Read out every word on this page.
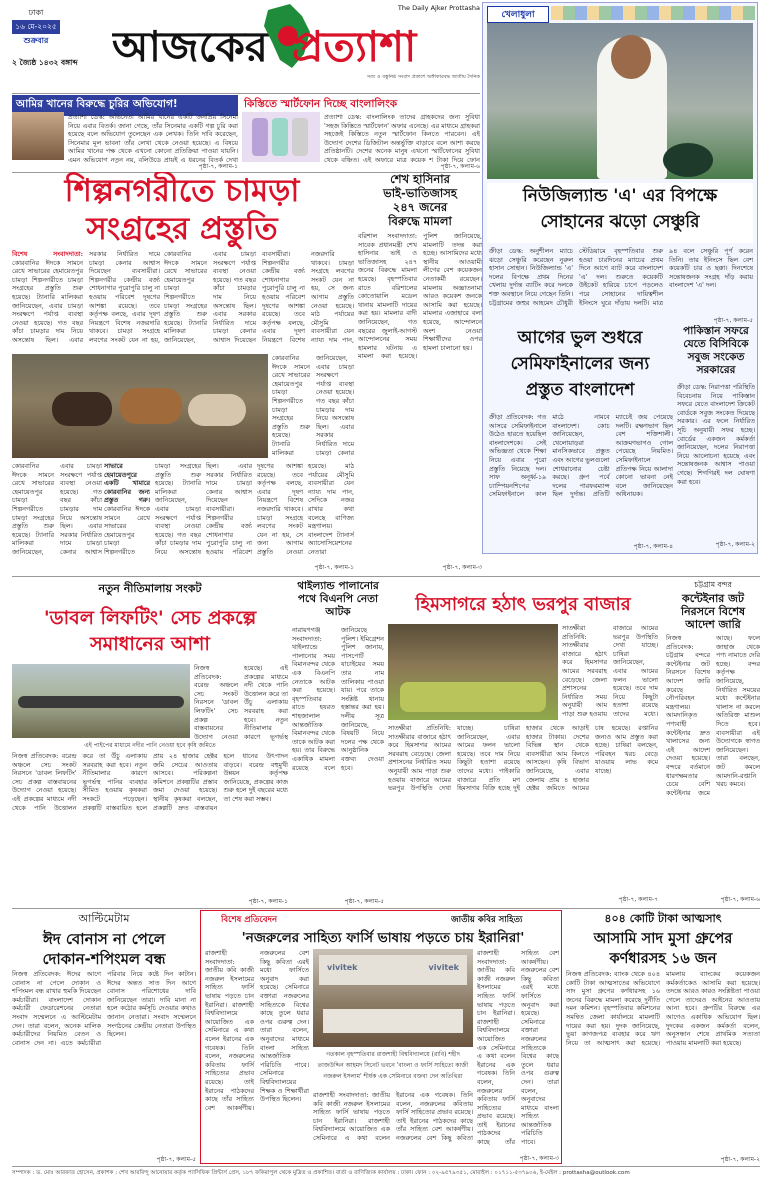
ঢাকা
১৬ মে-২০২৫
শুক্রবার
২ জ্যৈষ্ঠ ১৪৩২ বঙ্গাব্দ আজকের প্রত্যাশা
The Daily Ajker Prottasha
সত্য ও বস্তুনিষ্ঠ সংবাদ প্রকাশে অঙ্গীকারবদ্ধ জাতীয় দৈনিক
আমির খানের বিরুদ্ধে চুরির অভিযোগ!
প্রত্যাশা ডেস্ক: অভিনেতা আমির খানের একটি জনপ্রিয় সিনেমা নিয়ে এবার বিতর্ক। জানা গেছে, তাঁর সিনেমার একটি গল্প চুরি করা হয়েছে বলে অভিযোগ তুলেছেন এক লেখক। তিনি দাবি করেছেন, সিনেমার মূল ভাবনা তাঁর লেখা থেকে নেওয়া হয়েছে। এ বিষয়ে আমির খানের পক্ষ থেকে এখনো কোনো প্রতিক্রিয়া পাওয়া যায়নি। এমন অভিযোগ নতুন নয়, বলিউডে প্রায়ই এ ধরনের বিতর্ক দেখা
পৃষ্ঠা-৭, কলাম-১
কিস্তিতে স্মার্টফোন দিচ্ছে বাংলালিংক
প্রত্যাশা ডেস্ক: বাংলালিংক তাদের গ্রাহকদের জন্য সুবিধা 'সহজ কিস্তিতে স্মার্টফোন' অফার এনেছে। এর মাধ্যমে গ্রাহকরা সহজেই কিস্তিতে নতুন স্মার্টফোন কিনতে পারবেন। এই উদ্যোগ দেশের ডিজিটাল অন্তর্ভুক্তি বাড়াবে বলে আশা করছে প্রতিষ্ঠানটি। দেশের অনেক মানুষ এখনো স্মার্টফোনের সুবিধা থেকে বঞ্চিত। এই অফারে মাত্র কয়েক শ টাকা দিয়ে ফোন
পৃষ্ঠা-৭, কলাম-৬
শিল্পনগরীতে চামড়া
সংগ্রহের প্রস্তুতি
বিশেষ সংবাদদাতা: কোরবানির ঈদকে সামনে রেখে সাভারের হেমায়েতপুর চামড়া শিল্পনগরীতে চামড়া সংগ্রহের প্রস্তুতি শুরু হয়েছে। ট্যানারি মালিকরা জানিয়েছেন, এবার চামড়া সংরক্ষণে পর্যাপ্ত ব্যবস্থা নেওয়া হয়েছে। গত বছর কাঁচা চামড়ার দাম নিয়ে অসন্তোষ ছিল। এবার সরকার নির্ধারিত দামে চামড়া কেনার আশ্বাস দিয়েছেন ব্যবসায়ীরা। শিল্পনগরীর কেন্দ্রীয় বর্জ্য শোধনাগার পুরোপুরি চালু না হওয়ায় পরিবেশ দূষণের আশঙ্কা রয়েছে। তবে কর্তৃপক্ষ বলছে, এবার দূষণ নিয়ন্ত্রণে বিশেষ নজরদারি থাকবে। চামড়া সংগ্রহে লবণের সংকট যেন না হয়,
কোরবানির ঈদকে সামনে রেখে সাভারের হেমায়েতপুর চামড়া শিল্পনগরীতে চামড়া সংগ্রহের প্রস্তুতি শুরু হয়েছে। ট্যানারি মালিকরা জানিয়েছেন, এবার চামড়া সংরক্ষণে পর্যাপ্ত ব্যবস্থা নেওয়া হয়েছে। গত বছর কাঁচা চামড়ার দাম নিয়ে অসন্তোষ ছিল। এবার সরকার নির্ধারিত দামে চামড়া কেনার আশ্বাস দিয়েছেন ব্যবসায়ীরা। শিল্পনগরীর কেন্দ্রীয় বর্জ্য শোধনাগার পুরোপুরি চালু না হওয়ায় পরিবেশ দূষণের আশঙ্কা রয়েছে। তবে কর্তৃপক্ষ বলছে, এবার দূষণ নিয়ন্ত্রণে বিশেষ নজরদারি থাকবে। চামড়া সংগ্রহে লবণের সংকট যেন না হয়, সে জন্য আগাম প্রস্তুতি নেওয়া হয়েছে। মাঠ পর্যায়ের মৌসুমি ব্যবসায়ীরা যেন ন্যায্য দাম পান,
কোরবানির ঈদকে সামনে রেখে সাভারের হেমায়েতপুর চামড়া শিল্পনগরীতে চামড়া সংগ্রহের প্রস্তুতি শুরু হয়েছে। ট্যানারি মালিকরা জানিয়েছেন, এবার চামড়া সংরক্ষণে পর্যাপ্ত ব্যবস্থা নেওয়া হয়েছে। গত বছর কাঁচা চামড়ার দাম নিয়ে অসন্তোষ ছিল। এবার সরকার নির্ধারিত দামে চামড়া কেনার আশ্বাস
সাভারে হেমায়েতপুরে একটি খামারে কোরবানির জন্য প্রস্তুত গরু। কোরবানির ঈদকে সামনে রেখে সাভারের হেমায়েতপুর চামড়া শিল্পনগরীতে চামড়া সংগ্রহের প্রস্তুতি শুরু হয়েছে। ট্যানারি মালিকরা জানিয়েছেন, এবার চামড়া সংরক্ষণে পর্যাপ্ত ব্যবস্থা নেওয়া হয়েছে। গত বছর কাঁচা চামড়ার দাম নিয়ে অসন্তোষ ছিল। এবার সরকার নির্ধারিত দামে চামড়া কেনার আশ্বাস দিয়েছেন ব্যবসায়ীরা। শিল্পনগরীর কেন্দ্রীয় বর্জ্য শোধনাগার পুরোপুরি চালু না হওয়ায় পরিবেশ দূষণের আশঙ্কা রয়েছে। তবে কর্তৃপক্ষ বলছে, এবার দূষণ নিয়ন্ত্রণে বিশেষ নজরদারি থাকবে। চামড়া সংগ্রহে লবণের সংকট যেন না হয়, সে জন্য আগাম প্রস্তুতি নেওয়া হয়েছে। মাঠ পর্যায়ের মৌসুমি ব্যবসায়ীরা যেন ন্যায্য দাম পান, সেদিকে নজর রাখার কথা বলেছে বাণিজ্য মন্ত্রণালয়। বাংলাদেশ ট্যানার্স অ্যাসোসিয়েশনের নেতারা
কোরবানির ঈদকে সামনে রেখে সাভারের হেমায়েতপুর চামড়া শিল্পনগরীতে চামড়া সংগ্রহের প্রস্তুতি শুরু হয়েছে। ট্যানারি মালিকরা জানিয়েছেন, এবার চামড়া সংরক্ষণে পর্যাপ্ত ব্যবস্থা নেওয়া হয়েছে। গত বছর কাঁচা চামড়ার দাম নিয়ে অসন্তোষ ছিল। এবার সরকার নির্ধারিত দামে চামড়া কেনার
পৃষ্ঠা-৭, কলাম-১
শেখ হাসিনার
ভাই-ভাতিজাসহ
২৪৭ জনের
বিরুদ্ধে মামলা
বরিশাল সংবাদদাতা: সাবেক প্রধানমন্ত্রী শেখ হাসিনার ভাই ও ভাতিজাসহ ২৪৭ জনের বিরুদ্ধে মামলা হয়েছে। বৃহস্পতিবার রাতে বরিশালের কোতোয়ালি মডেল থানায় মামলাটি দায়ের করা হয়। মামলার বাদী জানিয়েছেন, গত বছরের জুলাই-আগস্ট আন্দোলনের সময় হামলার ঘটনায় এ মামলা করা হয়েছে। পুলিশ জানিয়েছে, মামলাটি তদন্ত করা হচ্ছে। আসামিদের মধ্যে স্থানীয় আওয়ামী লীগের বেশ কয়েকজন নেতাকর্মী রয়েছেন। মামলায় অজ্ঞাতনামা আরও কয়েকশ জনকে আসামি করা হয়েছে। মামলার এজাহারে বলা হয়েছে, আন্দোলনে অংশ নেওয়া শিক্ষার্থীদের ওপর হামলা চালানো হয়।
পৃষ্ঠা-৭, কলাম-৩
খেলাধুলা
নিউজিল্যান্ড 'এ' এর বিপক্ষে
সোহানের ঝড়ো সেঞ্চুরি
ক্রীড়া ডেস্ক: অনুশীলন ম্যাচে ঝড়ো সেঞ্চুরি করেছেন নুরুল হাসান সোহান। নিউজিল্যান্ড 'এ' দলের বিপক্ষে প্রথম দিনের খেলায় দুর্দান্ত ব্যাটিং করে দলকে শক্ত অবস্থানে নিয়ে গেছেন তিনি। চট্টগ্রামের জহুর আহমেদ চৌধুরী স্টেডিয়ামে বৃহস্পতিবার শুরু হওয়া চারদিনের ম্যাচের প্রথম দিনে আগে ব্যাট করে বাংলাদেশ 'এ' দল। শুরুতে কয়েকটি উইকেট হারিয়ে চাপে পড়লেও পরে সোহানের দায়িত্বশীল ইনিংসে ঘুরে দাঁড়ায় দলটি। মাত্র ৯৪ বলে সেঞ্চুরি পূর্ণ করেন তিনি। তার ইনিংসে ছিল বেশ কয়েকটি চার ও ছক্কা। দিনশেষে সন্তোষজনক সংগ্রহ দাঁড় করায় বাংলাদেশ 'এ' দল।
পৃষ্ঠা-৭, কলাম-৫
আগের ভুল শুধরে
সেমিফাইনালের জন্য
প্রস্তুত বাংলাদেশ
ক্রীড়া প্রতিবেদক: গত আসরে সেমিফাইনালে উঠেও হারতে হয়েছিল বাংলাদেশকে। সেই অভিজ্ঞতা থেকে শিক্ষা নিয়ে এবার পুরো প্রস্তুতি নিয়েছে দল। সাফ অনূর্ধ্ব-১৯ চ্যাম্পিয়নশিপের সেমিফাইনালে কাল মাঠে নামবে বাংলাদেশ। কোচ জানিয়েছেন, খেলোয়াড়রা মানসিকভাবে প্রস্তুত এবং আগের ভুলগুলো শোধরানোর চেষ্টা করছে। গ্রুপ পর্বে দলের পারফরম্যান্স ছিল দুর্দান্ত। প্রতিটি ম্যাচেই জয় পেয়েছে দলটি। রক্ষণভাগ ছিল বেশ শক্তিশালী। আক্রমণভাগও গোল পেয়েছে নিয়মিত। সেমিফাইনালে প্রতিপক্ষ নিয়ে আলাদা কোনো ভাবনা নেই বলে জানিয়েছেন অধিনায়ক।
পৃষ্ঠা-৭, কলাম-৪
পাকিস্তান সফরে যেতে বিসিবিকে সবুজ সংকেত সরকারের
ক্রীড়া ডেস্ক: নিরাপত্তা পরিস্থিতি বিবেচনায় নিয়ে পাকিস্তান সফরে যেতে বাংলাদেশ ক্রিকেট বোর্ডকে সবুজ সংকেত দিয়েছে সরকার। এর ফলে নির্ধারিত সূচি অনুযায়ী সফর হচ্ছে। বোর্ডের একজন কর্মকর্তা জানিয়েছেন, দলের নিরাপত্তা নিয়ে আলোচনা হয়েছে এবং সন্তোষজনক আশ্বাস পাওয়া গেছে। শিগগিরই দল ঘোষণা করা হবে।
পৃষ্ঠা-৭, কলাম-২
নতুন নীতিমালায় সংকট
'ডাবল লিফটিং' সেচ প্রকল্পে
সমাধানের আশা
নিজস্ব প্রতিবেদক: বরেন্দ্র অঞ্চলে সেচ সংকট নিরসনে 'ডাবল লিফটিং' সেচ প্রকল্প বাস্তবায়নের উদ্যোগ নেওয়া হয়েছে। এই প্রকল্পের মাধ্যমে নদী থেকে পানি উত্তোলন করে তা উঁচু এলাকায় সরবরাহ করা হবে। নতুন নীতিমালার কারণে ভূগর্ভস্থ
এই পাইপের মাধ্যমে নদীর পানি নেওয়া হবে কৃষি জমিতে
নিজস্ব প্রতিবেদক: বরেন্দ্র অঞ্চলে সেচ সংকট নিরসনে 'ডাবল লিফটিং' সেচ প্রকল্প বাস্তবায়নের উদ্যোগ নেওয়া হয়েছে। এই প্রকল্পের মাধ্যমে নদী থেকে পানি উত্তোলন করে তা উঁচু এলাকায় সরবরাহ করা হবে। নতুন নীতিমালার কারণে ভূগর্ভস্থ পানির ব্যবহার সীমিত হওয়ায় কৃষকরা সংকটে পড়েছেন। প্রকল্পটি বাস্তবায়িত হলে প্রায় ২৪ হাজার হেক্টর জমি সেচের আওতায় আসবে। পরিকল্পনা কমিশনে প্রকল্পটির প্রস্তাব জমা দেওয়া হয়েছে। স্থানীয় কৃষকরা বলছেন, প্রকল্পটি দ্রুত বাস্তবায়ন হলে ধানের উৎপাদন বাড়বে। বরেন্দ্র বহুমুখী উন্নয়ন কর্তৃপক্ষ জানিয়েছে, প্রকল্পের কাজ শুরু হলে দুই বছরের মধ্যে তা শেষ করা সম্ভব।
পৃষ্ঠা-৭, কলাম-১
থাইল্যান্ড পালানোর
পথে বিএনপি নেতা
আটক
নারায়ণগঞ্জ সংবাদদাতা: থাইল্যান্ডে পালানোর সময় বিমানবন্দর থেকে এক বিএনপি নেতাকে আটক করা হয়েছে। বৃহস্পতিবার রাতে হযরত শাহজালাল আন্তর্জাতিক বিমানবন্দর থেকে তাকে আটক করা হয়। তার বিরুদ্ধে একাধিক মামলা রয়েছে বলে জানিয়েছে পুলিশ। ইমিগ্রেশন পুলিশ জানায়, পাসপোর্ট যাচাইয়ের সময় তার নাম তালিকায় পাওয়া যায়। পরে তাকে সংশ্লিষ্ট থানায় হস্তান্তর করা হয়। দলীয় সূত্র জানিয়েছে, বিষয়টি নিয়ে দলের পক্ষ থেকে আনুষ্ঠানিক বক্তব্য দেওয়া হবে।
পৃষ্ঠা-৭, কলাম-৫
হিমসাগরে হঠাৎ ভরপুর বাজার
সাতক্ষীরা প্রতিনিধি: সাতক্ষীরার বাজারে হঠাৎ করে হিমসাগর আমের সরবরাহ বেড়েছে। জেলা প্রশাসনের নির্ধারিত সময় অনুযায়ী আম পাড়া শুরু হওয়ায় বাজারে আমের ভরপুর উপস্থিতি দেখা যাচ্ছে। চাষিরা জানিয়েছেন, এবার আমের ফলন ভালো হয়েছে। তবে দাম নিয়ে কিছুটা হতাশা রয়েছে তাদের মধ্যে।
সাতক্ষীরা প্রতিনিধি: সাতক্ষীরার বাজারে হঠাৎ করে হিমসাগর আমের সরবরাহ বেড়েছে। জেলা প্রশাসনের নির্ধারিত সময় অনুযায়ী আম পাড়া শুরু হওয়ায় বাজারে আমের ভরপুর উপস্থিতি দেখা যাচ্ছে। চাষিরা জানিয়েছেন, এবার আমের ফলন ভালো হয়েছে। তবে দাম নিয়ে কিছুটা হতাশা রয়েছে তাদের মধ্যে। পাইকারি বাজারে প্রতি মণ হিমসাগর বিক্রি হচ্ছে দুই হাজার থেকে আড়াই হাজার টাকায়। দেশের বিভিন্ন স্থান থেকে ব্যবসায়ীরা আম কিনতে আসছেন। কৃষি বিভাগ জানিয়েছে, এবার জেলায় প্রায় ৪ হাজার হেক্টর জমিতে আমের চাষ হয়েছে। রপ্তানির জন্যও আম প্রস্তুত করা হচ্ছে। চাষিরা বলছেন, পরিবহন খরচ বেড়ে যাওয়ায় লাভ কমে যাচ্ছে।
পৃষ্ঠা-৭, কলাম-৭
চট্টগ্রাম বন্দর
কন্টেইনার জট
নিরসনে বিশেষ
আদেশ জারি
নিজস্ব প্রতিবেদক: চট্টগ্রাম বন্দরে কন্টেইনার জট নিরসনে বিশেষ আদেশ জারি করেছে নৌপরিবহন মন্ত্রণালয়। আমদানিকৃত পণ্যবাহী কন্টেইনার দ্রুত খালাসের জন্য এই আদেশ দেওয়া হয়েছে। বন্দরে বর্তমানে ধারণক্ষমতার চেয়ে বেশি কন্টেইনার জমে আছে। ফলে জাহাজ থেকে পণ্য নামাতে দেরি হচ্ছে। বন্দর কর্তৃপক্ষ জানিয়েছে, নির্ধারিত সময়ের মধ্যে কন্টেইনার খালাস না করলে অতিরিক্ত মাশুল দিতে হবে। ব্যবসায়ীরা এই উদ্যোগকে স্বাগত জানিয়েছেন। তারা বলছেন, জট কমলে আমদানি-রপ্তানি খরচ কমবে।
পৃষ্ঠা-৭, কলাম-৬
আল্টিমেটাম
ঈদ বোনাস না পেলে
দোকান-শপিংমল বন্ধ
নিজস্ব প্রতিবেদক: ঈদের আগে বোনাস না পেলে দোকান ও শপিংমল বন্ধ রাখার হুমকি দিয়েছেন কর্মচারীরা। বাংলাদেশ দোকান কর্মচারী ফেডারেশনের নেতারা সংবাদ সম্মেলনে এ আল্টিমেটাম দেন। তারা বলেন, অনেক মালিক কর্মচারীদের নিয়মিত বেতন ও বোনাস দেন না। এতে কর্মচারীরা পরিবার নিয়ে কষ্টে দিন কাটান। ঈদের অন্তত সাত দিন আগে বোনাস পরিশোধের দাবি জানিয়েছেন তারা। দাবি মানা না হলে কঠোর কর্মসূচি দেওয়ার কথাও জানান নেতারা। সংবাদ সম্মেলনে সংগঠনের কেন্দ্রীয় নেতারা উপস্থিত ছিলেন।
পৃষ্ঠা-৭, কলাম-৫
বিশেষ প্রতিবেদন	জাতীয় কবির সাহিত্য
'নজরুলের সাহিত্য ফার্সি ভাষায় পড়তে চায় ইরানিরা'
রাজশাহী সংবাদদাতা: জাতীয় কবি কাজী নজরুল ইসলামের সাহিত্য ফার্সি ভাষায় পড়তে চান ইরানিরা। রাজশাহী বিশ্ববিদ্যালয়ে আয়োজিত এক সেমিনারে এ কথা বলেন ইরানের এক গবেষক। তিনি বলেন, নজরুলের কবিতায় ফার্সি সাহিত্যের প্রভাব রয়েছে। তাই ইরানের পাঠকদের কাছে তাঁর সাহিত্য বেশ আকর্ষণীয়। নজরুলের বেশ কিছু কবিতা এরই মধ্যে ফার্সিতে অনুবাদ করা হয়েছে। সেমিনারে বক্তারা নজরুলের সাহিত্যকে বিশ্বের কাছে তুলে ধরার ওপর গুরুত্ব দেন। তারা বলেন, অনুবাদের মাধ্যমে বাংলা সাহিত্য আন্তর্জাতিক পরিচিতি পাবে। সেমিনারে বিশ্ববিদ্যালয়ের শিক্ষক ও শিক্ষার্থীরা উপস্থিত ছিলেন।
vivitek	vivitek
গতকাল বৃহস্পতিবার রাজশাহী বিশ্ববিদ্যালয়ে (রাবি) শহীদ তাজউদ্দিন আহমদ সিনেট ভবনে 'বাংলা ও ফার্সি সাহিত্যে কাজী নজরুল ইসলাম' শীর্ষক এক সেমিনারে বক্তব্য দেন অতিথিরা
রাজশাহী সংবাদদাতা: জাতীয় কবি কাজী নজরুল ইসলামের সাহিত্য ফার্সি ভাষায় পড়তে চান ইরানিরা। রাজশাহী বিশ্ববিদ্যালয়ে আয়োজিত এক সেমিনারে এ কথা বলেন ইরানের এক গবেষক। তিনি বলেন, নজরুলের কবিতায় ফার্সি সাহিত্যের প্রভাব রয়েছে। তাই ইরানের পাঠকদের কাছে তাঁর সাহিত্য বেশ আকর্ষণীয়। নজরুলের বেশ কিছু কবিতা এরই মধ্যে ফার্সিতে অনুবাদ করা হয়েছে। সেমিনারে বক্তারা নজরুলের সাহিত্যকে বিশ্বের কাছে তুলে ধরার ওপর গুরুত্ব দেন। তারা বলেন, অনুবাদের মাধ্যমে বাংলা সাহিত্য আন্তর্জাতিক পরিচিতি পাবে।
রাজশাহী সংবাদদাতা: জাতীয় কবি কাজী নজরুল ইসলামের সাহিত্য ফার্সি ভাষায় পড়তে চান ইরানিরা। রাজশাহী বিশ্ববিদ্যালয়ে আয়োজিত এক সেমিনারে এ কথা বলেন ইরানের এক গবেষক। তিনি বলেন, নজরুলের কবিতায় ফার্সি সাহিত্যের প্রভাব রয়েছে। তাই ইরানের পাঠকদের কাছে তাঁর সাহিত্য বেশ আকর্ষণীয়। নজরুলের বেশ কিছু কবিতা
পৃষ্ঠা-৭, কলাম-৩
৪০৪ কোটি টাকা আত্মসাৎ
আসামি সাদ মুসা গ্রুপের
কর্ণধারসহ ১৬ জন
নিজস্ব প্রতিবেদক: ব্যাংক থেকে ৪০৪ কোটি টাকা আত্মসাতের অভিযোগে সাদ মুসা গ্রুপের কর্ণধারসহ ১৬ জনের বিরুদ্ধে মামলা করেছে দুর্নীতি দমন কমিশন। বৃহস্পতিবার কমিশনের সমন্বিত জেলা কার্যালয়ে মামলাটি দায়ের করা হয়। দুদক জানিয়েছে, ভুয়া কাগজপত্র ব্যবহার করে ঋণ নিয়ে তা আত্মসাৎ করা হয়েছে। মামলায় ব্যাংকের কয়েকজন কর্মকর্তাকেও আসামি করা হয়েছে। তদন্তে আরও কারও সংশ্লিষ্টতা পাওয়া গেলে তাদেরও আইনের আওতায় আনা হবে। গ্রুপটির বিরুদ্ধে এর আগেও একাধিক অভিযোগ ছিল। দুদকের একজন কর্মকর্তা বলেন, অনুসন্ধান শেষে প্রাথমিক সত্যতা পাওয়ায় মামলাটি করা হয়েছে।
পৃষ্ঠা-৭, কলাম-২
সম্পাদক : ড. মোঃ আরফাত হোসেন, প্রকাশক : শেখ আরবিন্দু আনোয়ার কর্তৃক প্যাসিফিক প্রিন্টার্স প্রেস, ১৮৭ ফকিরাপুল থেকে মুদ্রিত ও প্রকাশিত। বার্তা ও বাণিজ্যিক কার্যালয় : ঢাকা। ফোন : ০২-৯৫৭৯৩৫১, মোবাইল : ০১৭১১-৫৩৭৯০৬, ই-মেইল : prottasha@outlook.com
